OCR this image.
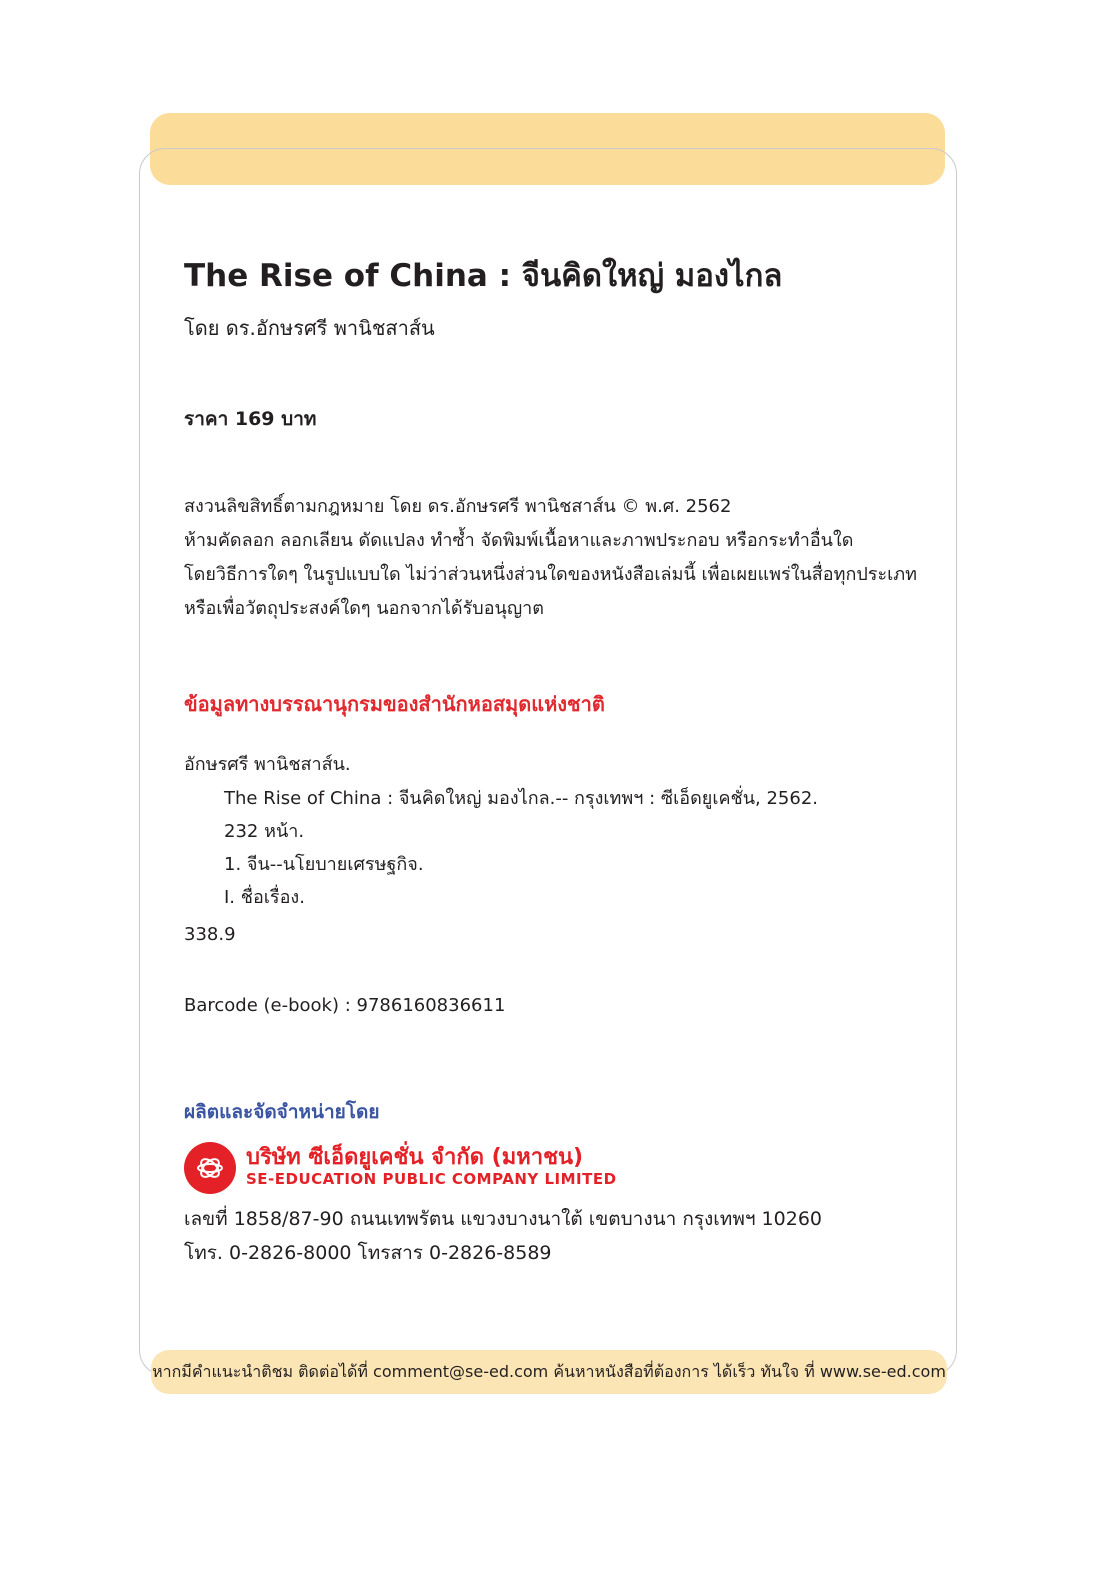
The Rise of China : จีนคิดใหญ่ มองไกล
โดย ดร.อักษรศรี พานิชสาส์น
ราคา 169 บาท
สงวนลิขสิทธิ์ตามกฎหมาย โดย ดร.อักษรศรี พานิชสาส์น © พ.ศ. 2562
ห้ามคัดลอก ลอกเลียน ดัดแปลง ทำซ้ำ จัดพิมพ์เนื้อหาและภาพประกอบ หรือกระทำอื่นใด
โดยวิธีการใดๆ ในรูปแบบใด ไม่ว่าส่วนหนึ่งส่วนใดของหนังสือเล่มนี้ เพื่อเผยแพร่ในสื่อทุกประเภท
หรือเพื่อวัตถุประสงค์ใดๆ นอกจากได้รับอนุญาต
ข้อมูลทางบรรณานุกรมของสำนักหอสมุดแห่งชาติ
อักษรศรี พานิชสาส์น.
The Rise of China : จีนคิดใหญ่ มองไกล.-- กรุงเทพฯ : ซีเอ็ดยูเคชั่น, 2562.
232 หน้า.
1. จีน--นโยบายเศรษฐกิจ.
I. ชื่อเรื่อง.
338.9
Barcode (e-book) : 9786160836611
ผลิตและจัดจำหน่ายโดย
บริษัท ซีเอ็ดยูเคชั่น จำกัด (มหาชน)
SE-EDUCATION PUBLIC COMPANY LIMITED
เลขที่ 1858/87-90 ถนนเทพรัตน แขวงบางนาใต้ เขตบางนา กรุงเทพฯ 10260
โทร. 0-2826-8000 โทรสาร 0-2826-8589
หากมีคำแนะนำติชม ติดต่อได้ที่ comment@se-ed.com ค้นหาหนังสือที่ต้องการ ได้เร็ว ทันใจ ที่ www.se-ed.com
